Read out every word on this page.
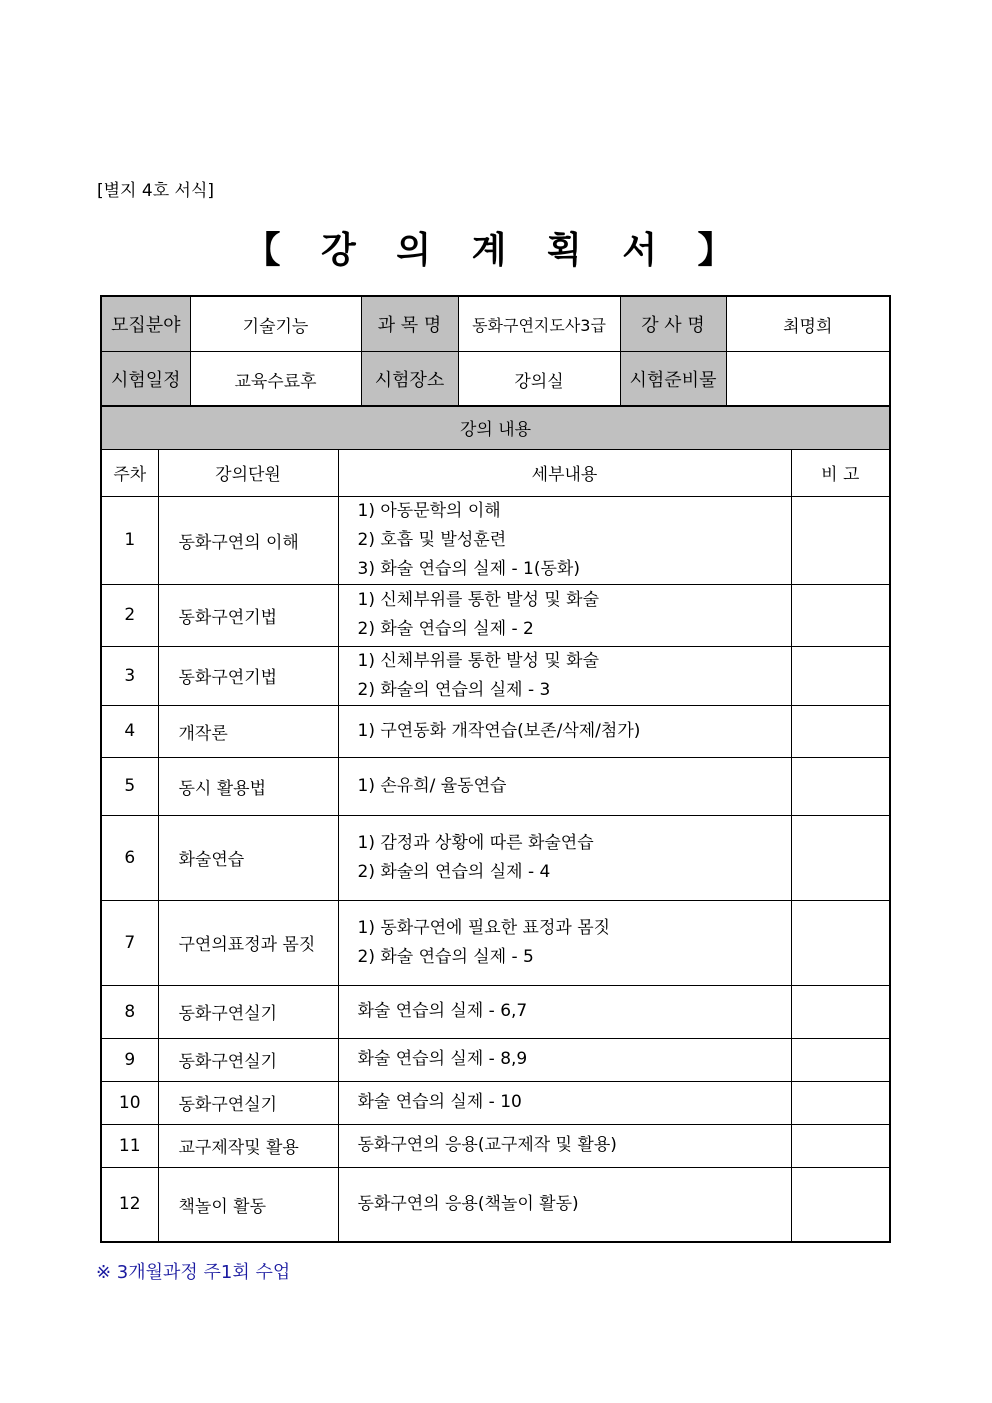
[별지 4호 서식]
【 강 의 계 획 서 】
모집분야	기술기능	과 목 명	동화구연지도사3급	강 사 명	최명희
시험일정	교육수료후	시험장소	강의실	시험준비물	
강의 내용			
주차	강의단원	세부내용	비 고
1	동화구연의 이해	1) 아동문학의 이해
2) 호흡 및 발성훈련
3) 화술 연습의 실제 - 1(동화)	

2	동화구연기법	1) 신체부위를 통한 발성 및 화술
2) 화술 연습의 실제 - 2	

3	동화구연기법	1) 신체부위를 통한 발성 및 화술
2) 화술의 연습의 실제 - 3	

4	개작론	1) 구연동화 개작연습(보존/삭제/첨가)	

5	동시 활용법	1) 손유희/ 율동연습	

6	화술연습	1) 감정과 상황에 따른 화술연습
2) 화술의 연습의 실제 - 4	

7	구연의표정과 몸짓	1) 동화구연에 필요한 표정과 몸짓
2) 화술 연습의 실제 - 5	

8	동화구연실기	화술 연습의 실제 - 6,7	

9	동화구연실기	화술 연습의 실제 - 8,9	

10	동화구연실기	화술 연습의 실제 - 10	

11	교구제작및 활용	동화구연의 응용(교구제작 및 활용)	

12	책놀이 활동	동화구연의 응용(책놀이 활동)	

※ 3개월과정 주1회 수업
